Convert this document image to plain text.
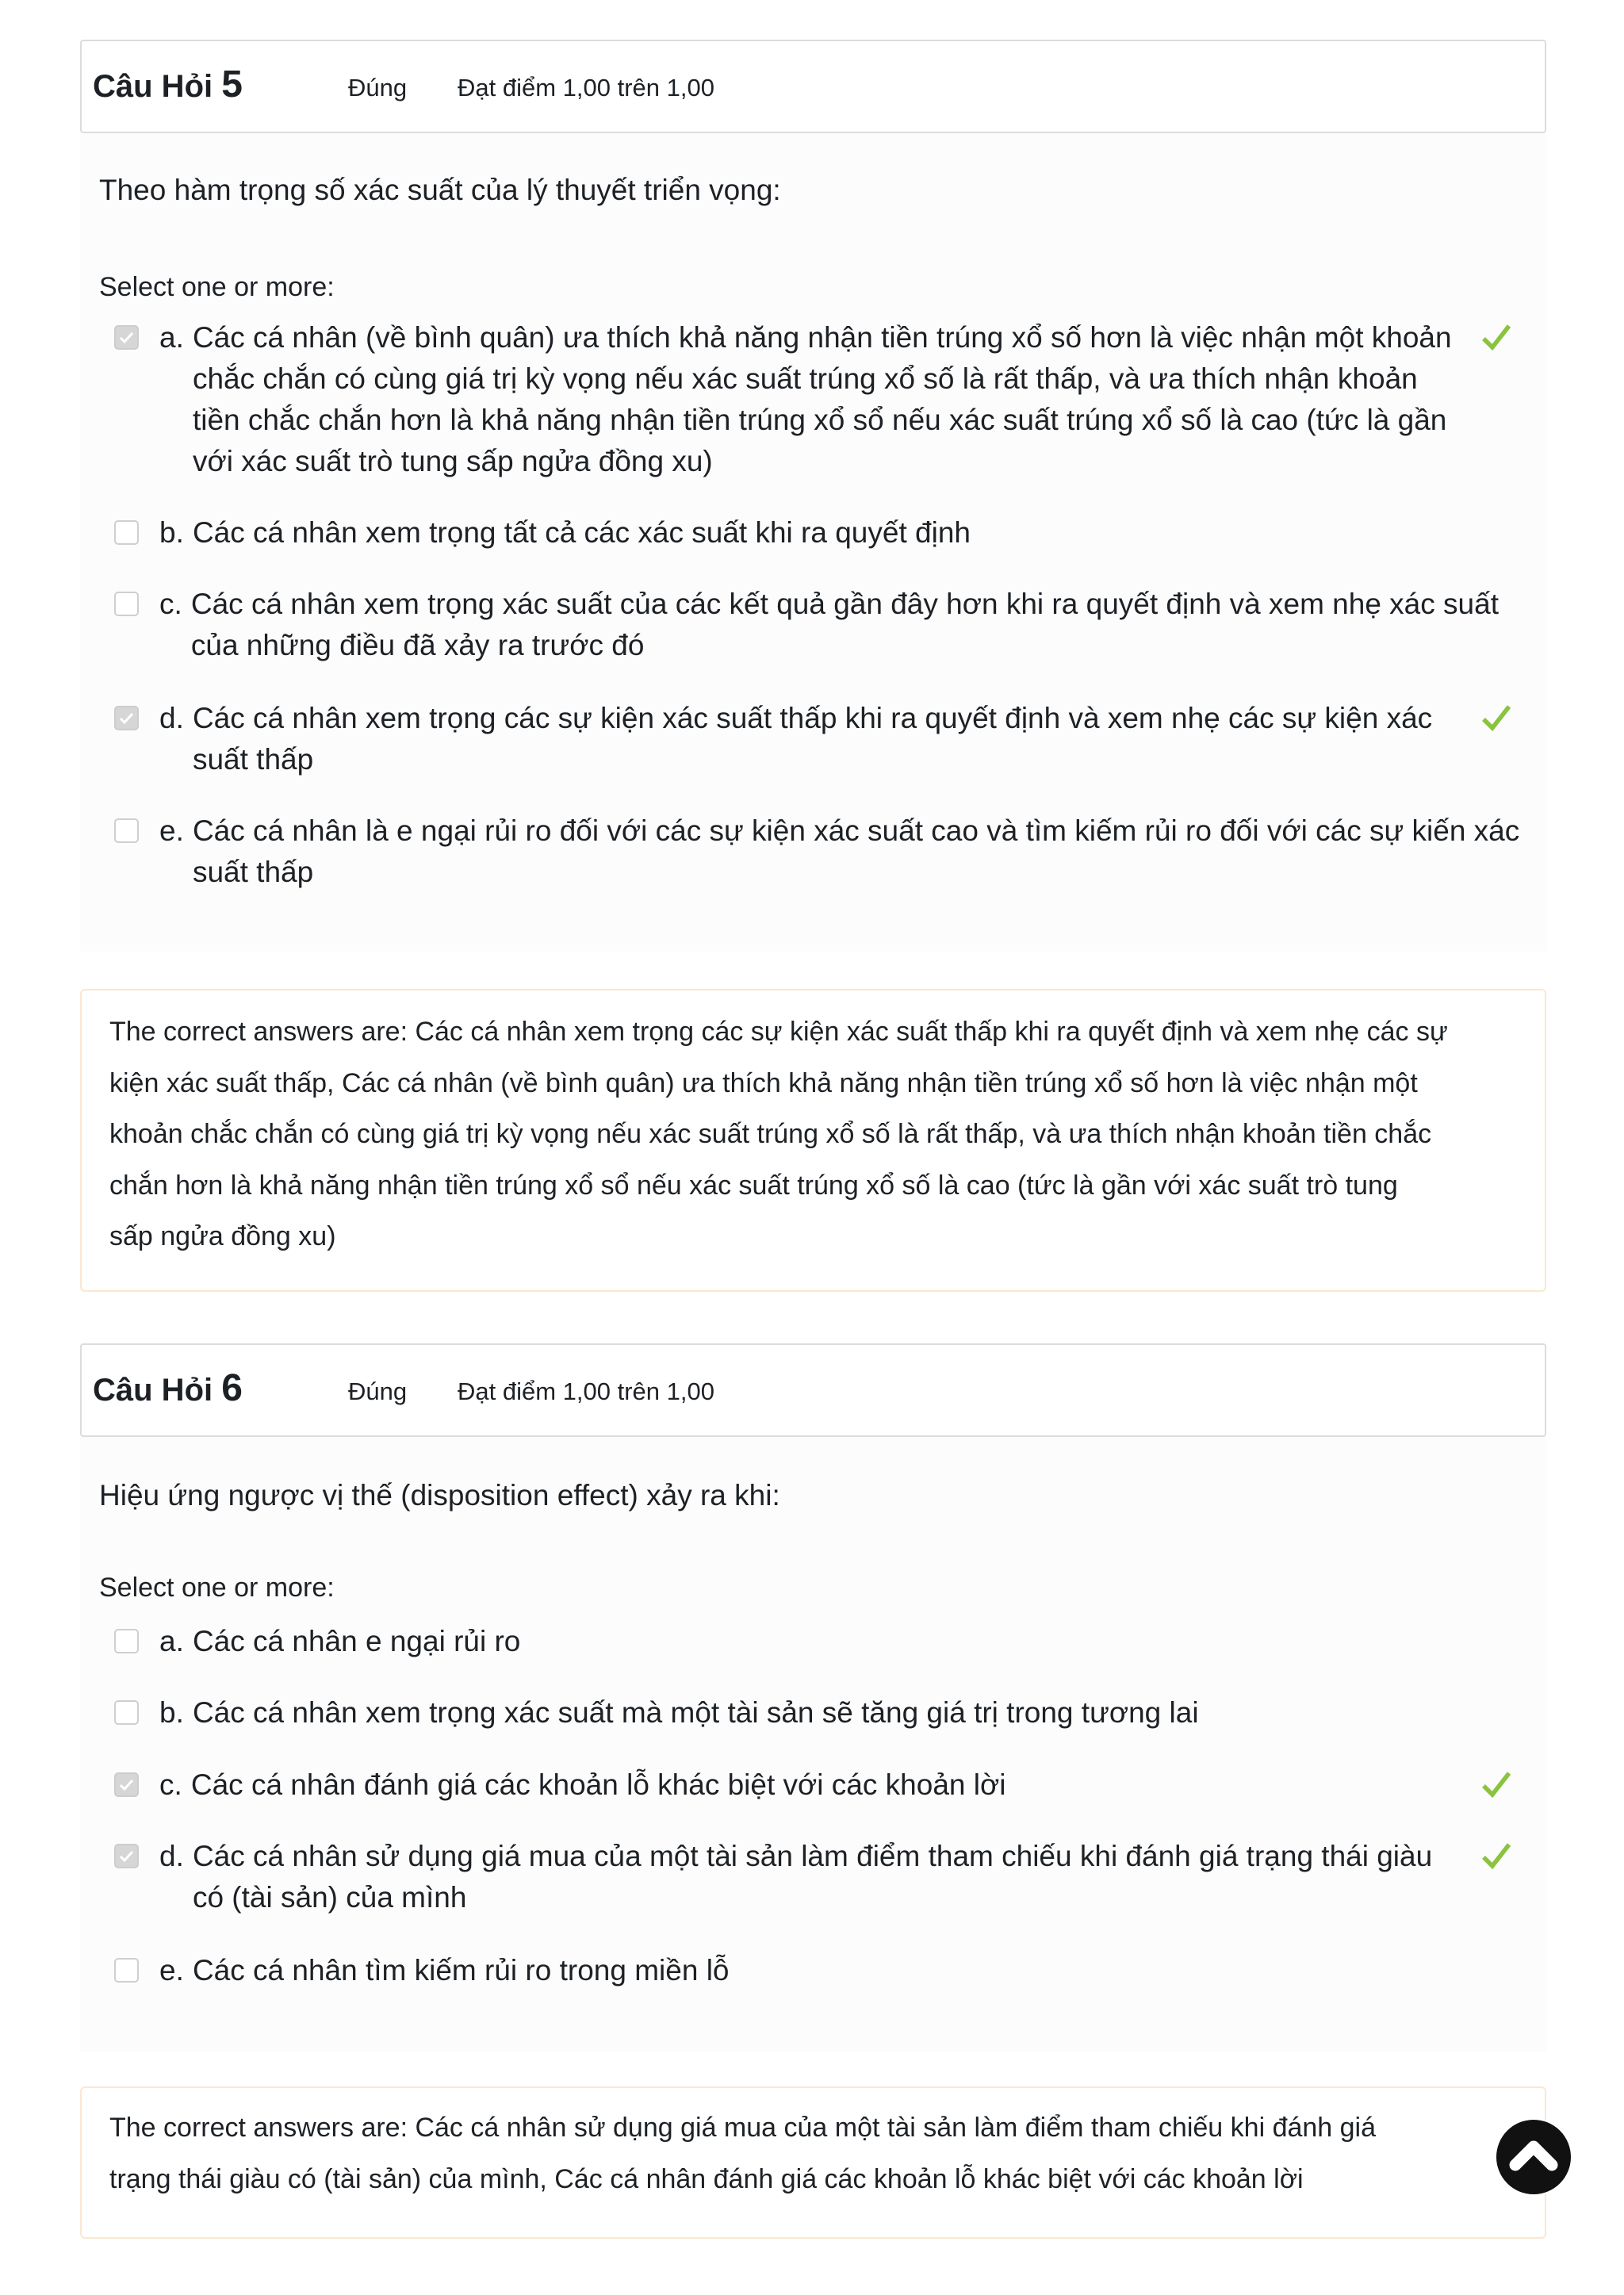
Câu Hỏi 5	Đúng Đạt điểm 1,00 trên 1,00
Theo hàm trọng số xác suất của lý thuyết triển vọng:
Select one or more:
a. Các cá nhân (về bình quân) ưa thích khả năng nhận tiền trúng xổ số hơn là việc nhận một khoản
chắc chắn có cùng giá trị kỳ vọng nếu xác suất trúng xổ số là rất thấp, và ưa thích nhận khoản
tiền chắc chắn hơn là khả năng nhận tiền trúng xổ sổ nếu xác suất trúng xổ số là cao (tức là gần
với xác suất trò tung sấp ngửa đồng xu)
b. Các cá nhân xem trọng tất cả các xác suất khi ra quyết định
c. Các cá nhân xem trọng xác suất của các kết quả gần đây hơn khi ra quyết định và xem nhẹ xác suất
của những điều đã xảy ra trước đó
d. Các cá nhân xem trọng các sự kiện xác suất thấp khi ra quyết định và xem nhẹ các sự kiện xác
suất thấp
e. Các cá nhân là e ngại rủi ro đối với các sự kiện xác suất cao và tìm kiếm rủi ro đối với các sự kiến xác
suất thấp
The correct answers are: Các cá nhân xem trọng các sự kiện xác suất thấp khi ra quyết định và xem nhẹ các sự
kiện xác suất thấp, Các cá nhân (về bình quân) ưa thích khả năng nhận tiền trúng xổ số hơn là việc nhận một
khoản chắc chắn có cùng giá trị kỳ vọng nếu xác suất trúng xổ số là rất thấp, và ưa thích nhận khoản tiền chắc
chắn hơn là khả năng nhận tiền trúng xổ sổ nếu xác suất trúng xổ số là cao (tức là gần với xác suất trò tung
sấp ngửa đồng xu)
Câu Hỏi 6	Đúng Đạt điểm 1,00 trên 1,00
Hiệu ứng ngược vị thế (disposition effect) xảy ra khi:
Select one or more:
a. Các cá nhân e ngại rủi ro
b. Các cá nhân xem trọng xác suất mà một tài sản sẽ tăng giá trị trong tương lai
c. Các cá nhân đánh giá các khoản lỗ khác biệt với các khoản lời
d. Các cá nhân sử dụng giá mua của một tài sản làm điểm tham chiếu khi đánh giá trạng thái giàu
có (tài sản) của mình
e. Các cá nhân tìm kiếm rủi ro trong miền lỗ
The correct answers are: Các cá nhân sử dụng giá mua của một tài sản làm điểm tham chiếu khi đánh giá
trạng thái giàu có (tài sản) của mình, Các cá nhân đánh giá các khoản lỗ khác biệt với các khoản lời
